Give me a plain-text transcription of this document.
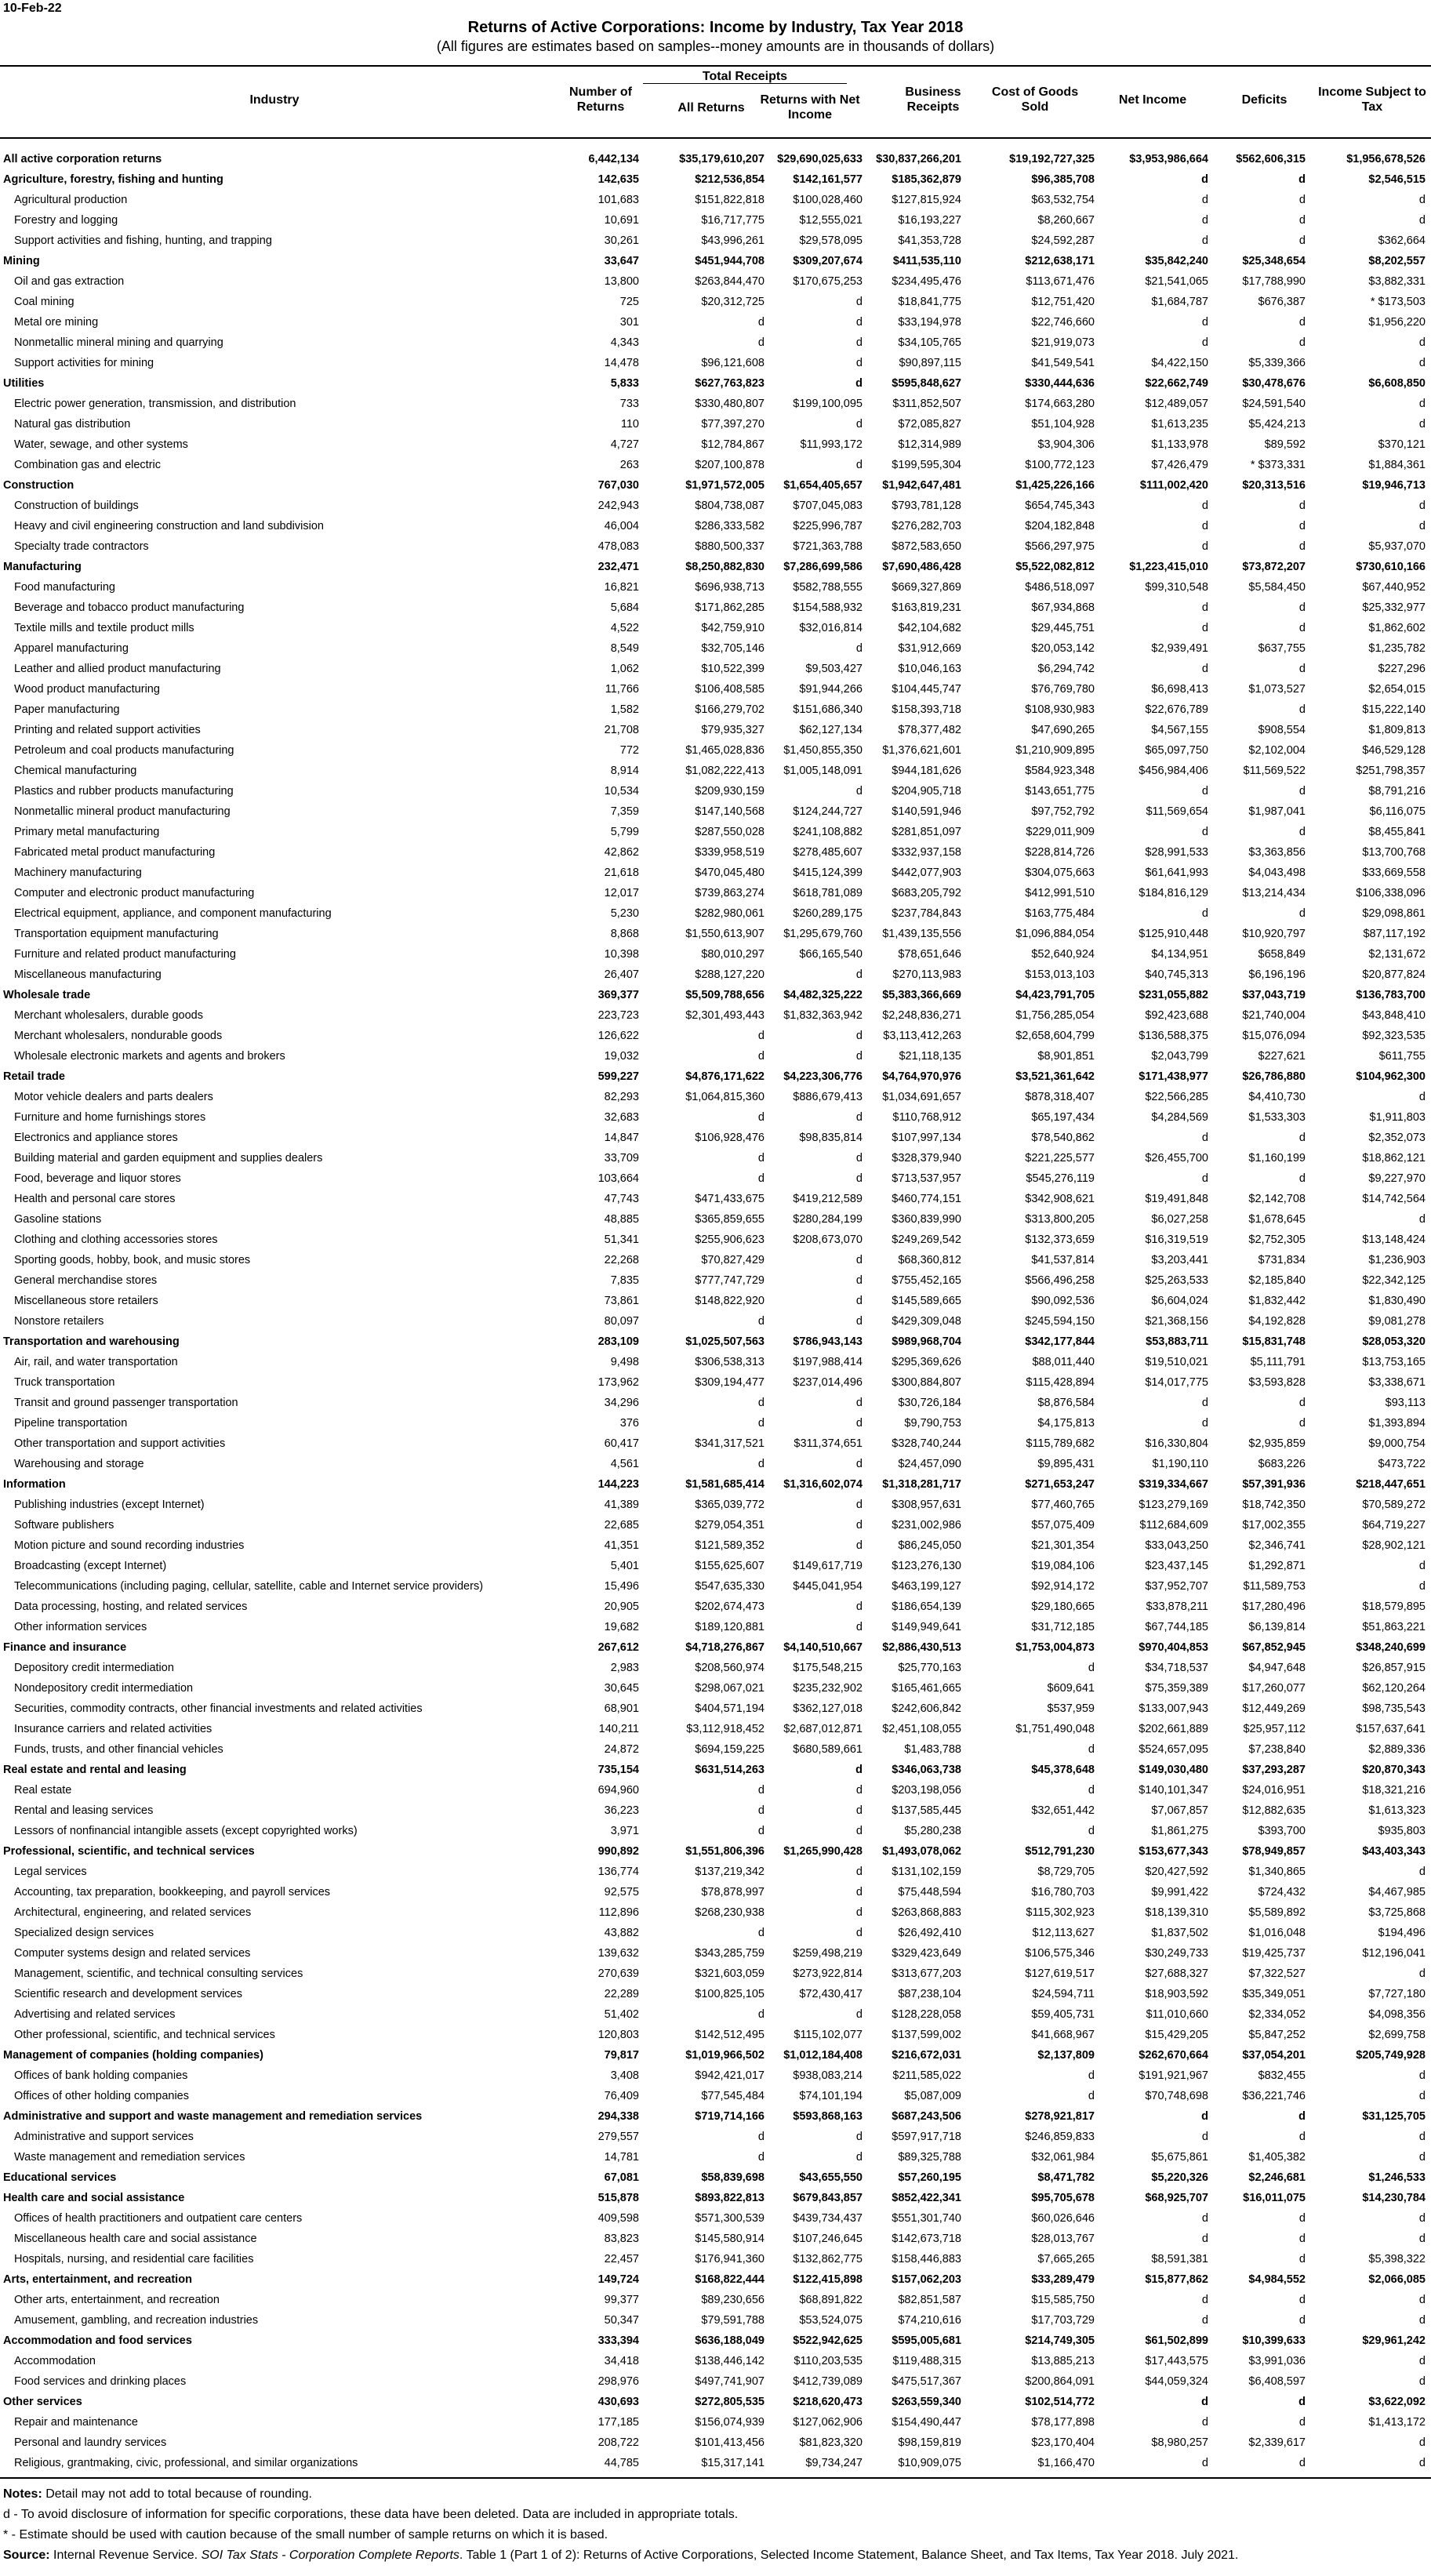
10-Feb-22
Returns of Active Corporations: Income by Industry, Tax Year 2018
(All figures are estimates based on samples--money amounts are in thousands of dollars)
Industry
Number of Returns
Total Receipts
All Returns
Returns with Net Income
Business Receipts
Cost of Goods Sold
Net Income	Deficits
Income Subject to Tax
All active corporation returns	6,442,134	$35,179,610,207 $29,690,025,633 $30,837,266,201	$19,192,727,325	$3,953,986,664 $562,606,315	$1,956,678,526
Agriculture, forestry, fishing and hunting	142,635	$212,536,854	$142,161,577	$185,362,879	$96,385,708	d	d	$2,546,515
Agricultural production	101,683	$151,822,818	$100,028,460	$127,815,924	$63,532,754	d	d	d
Forestry and logging	10,691	$16,717,775	$12,555,021	$16,193,227	$8,260,667	d	d	d
Support activities and fishing, hunting, and trapping	30,261	$43,996,261	$29,578,095	$41,353,728	$24,592,287	d	d	$362,664
Mining	33,647	$451,944,708	$309,207,674	$411,535,110	$212,638,171	$35,842,240	$25,348,654	$8,202,557
Oil and gas extraction	13,800	$263,844,470	$170,675,253	$234,495,476	$113,671,476	$21,541,065	$17,788,990	$3,882,331
Coal mining	725	$20,312,725	d	$18,841,775	$12,751,420	$1,684,787	$676,387	* $173,503
Metal ore mining	301	d	d	$33,194,978	$22,746,660	d	d	$1,956,220
Nonmetallic mineral mining and quarrying	4,343	d	d	$34,105,765	$21,919,073	d	d	d
Support activities for mining	14,478	$96,121,608	d	$90,897,115	$41,549,541	$4,422,150	$5,339,366	d
Utilities	5,833	$627,763,823	d	$595,848,627	$330,444,636	$22,662,749	$30,478,676	$6,608,850
Electric power generation, transmission, and distribution	733	$330,480,807	$199,100,095	$311,852,507	$174,663,280	$12,489,057	$24,591,540	d
Natural gas distribution	110	$77,397,270	d	$72,085,827	$51,104,928	$1,613,235	$5,424,213	d
Water, sewage, and other systems	4,727	$12,784,867	$11,993,172	$12,314,989	$3,904,306	$1,133,978	$89,592	$370,121
Combination gas and electric	263	$207,100,878	d	$199,595,304	$100,772,123	$7,426,479	* $373,331	$1,884,361
Construction	767,030	$1,971,572,005 $1,654,405,657 $1,942,647,481	$1,425,226,166	$111,002,420	$20,313,516	$19,946,713
Construction of buildings	242,943	$804,738,087	$707,045,083	$793,781,128	$654,745,343	d	d	d
Heavy and civil engineering construction and land subdivision	46,004	$286,333,582	$225,996,787	$276,282,703	$204,182,848	d	d	d
Specialty trade contractors	478,083	$880,500,337	$721,363,788	$872,583,650	$566,297,975	d	d	$5,937,070
Manufacturing	232,471	$8,250,882,830 $7,286,699,586 $7,690,486,428	$5,522,082,812	$1,223,415,010	$73,872,207	$730,610,166
Food manufacturing	16,821	$696,938,713	$582,788,555	$669,327,869	$486,518,097	$99,310,548	$5,584,450	$67,440,952
Beverage and tobacco product manufacturing	5,684	$171,862,285	$154,588,932	$163,819,231	$67,934,868	d	d	$25,332,977
Textile mills and textile product mills	4,522	$42,759,910	$32,016,814	$42,104,682	$29,445,751	d	d	$1,862,602
Apparel manufacturing	8,549	$32,705,146	d	$31,912,669	$20,053,142	$2,939,491	$637,755	$1,235,782
Leather and allied product manufacturing	1,062	$10,522,399	$9,503,427	$10,046,163	$6,294,742	d	d	$227,296
Wood product manufacturing	11,766	$106,408,585	$91,944,266	$104,445,747	$76,769,780	$6,698,413	$1,073,527	$2,654,015
Paper manufacturing	1,582	$166,279,702	$151,686,340	$158,393,718	$108,930,983	$22,676,789	d	$15,222,140
Printing and related support activities	21,708	$79,935,327	$62,127,134	$78,377,482	$47,690,265	$4,567,155	$908,554	$1,809,813
Petroleum and coal products manufacturing	772	$1,465,028,836 $1,450,855,350 $1,376,621,601	$1,210,909,895	$65,097,750	$2,102,004	$46,529,128
Chemical manufacturing	8,914	$1,082,222,413 $1,005,148,091	$944,181,626	$584,923,348	$456,984,406	$11,569,522	$251,798,357
Plastics and rubber products manufacturing	10,534	$209,930,159	d	$204,905,718	$143,651,775	d	d	$8,791,216
Nonmetallic mineral product manufacturing	7,359	$147,140,568	$124,244,727	$140,591,946	$97,752,792	$11,569,654	$1,987,041	$6,116,075
Primary metal manufacturing	5,799	$287,550,028	$241,108,882	$281,851,097	$229,011,909	d	d	$8,455,841
Fabricated metal product manufacturing	42,862	$339,958,519	$278,485,607	$332,937,158	$228,814,726	$28,991,533	$3,363,856	$13,700,768
Machinery manufacturing	21,618	$470,045,480	$415,124,399	$442,077,903	$304,075,663	$61,641,993	$4,043,498	$33,669,558
Computer and electronic product manufacturing	12,017	$739,863,274	$618,781,089	$683,205,792	$412,991,510	$184,816,129	$13,214,434	$106,338,096
Electrical equipment, appliance, and component manufacturing	5,230	$282,980,061	$260,289,175	$237,784,843	$163,775,484	d	d	$29,098,861
Transportation equipment manufacturing	8,868	$1,550,613,907 $1,295,679,760 $1,439,135,556	$1,096,884,054	$125,910,448	$10,920,797	$87,117,192
Furniture and related product manufacturing	10,398	$80,010,297	$66,165,540	$78,651,646	$52,640,924	$4,134,951	$658,849	$2,131,672
Miscellaneous manufacturing	26,407	$288,127,220	d	$270,113,983	$153,013,103	$40,745,313	$6,196,196	$20,877,824
Wholesale trade	369,377	$5,509,788,656 $4,482,325,222 $5,383,366,669	$4,423,791,705	$231,055,882	$37,043,719	$136,783,700
Merchant wholesalers, durable goods	223,723	$2,301,493,443 $1,832,363,942 $2,248,836,271	$1,756,285,054	$92,423,688	$21,740,004	$43,848,410
Merchant wholesalers, nondurable goods	126,622	d	d $3,113,412,263	$2,658,604,799	$136,588,375	$15,076,094	$92,323,535
Wholesale electronic markets and agents and brokers	19,032	d	d	$21,118,135	$8,901,851	$2,043,799	$227,621	$611,755
Retail trade	599,227	$4,876,171,622 $4,223,306,776 $4,764,970,976	$3,521,361,642	$171,438,977	$26,786,880	$104,962,300
Motor vehicle dealers and parts dealers	82,293	$1,064,815,360	$886,679,413 $1,034,691,657	$878,318,407	$22,566,285	$4,410,730	d
Furniture and home furnishings stores	32,683	d	d	$110,768,912	$65,197,434	$4,284,569	$1,533,303	$1,911,803
Electronics and appliance stores	14,847	$106,928,476	$98,835,814	$107,997,134	$78,540,862	d	d	$2,352,073
Building material and garden equipment and supplies dealers	33,709	d	d	$328,379,940	$221,225,577	$26,455,700	$1,160,199	$18,862,121
Food, beverage and liquor stores	103,664	d	d	$713,537,957	$545,276,119	d	d	$9,227,970
Health and personal care stores	47,743	$471,433,675	$419,212,589	$460,774,151	$342,908,621	$19,491,848	$2,142,708	$14,742,564
Gasoline stations	48,885	$365,859,655	$280,284,199	$360,839,990	$313,800,205	$6,027,258	$1,678,645	d
Clothing and clothing accessories stores	51,341	$255,906,623	$208,673,070	$249,269,542	$132,373,659	$16,319,519	$2,752,305	$13,148,424
Sporting goods, hobby, book, and music stores	22,268	$70,827,429	d	$68,360,812	$41,537,814	$3,203,441	$731,834	$1,236,903
General merchandise stores	7,835	$777,747,729	d	$755,452,165	$566,496,258	$25,263,533	$2,185,840	$22,342,125
Miscellaneous store retailers	73,861	$148,822,920	d	$145,589,665	$90,092,536	$6,604,024	$1,832,442	$1,830,490
Nonstore retailers	80,097	d	d	$429,309,048	$245,594,150	$21,368,156	$4,192,828	$9,081,278
Transportation and warehousing	283,109	$1,025,507,563	$786,943,143	$989,968,704	$342,177,844	$53,883,711	$15,831,748	$28,053,320
Air, rail, and water transportation	9,498	$306,538,313	$197,988,414	$295,369,626	$88,011,440	$19,510,021	$5,111,791	$13,753,165
Truck transportation	173,962	$309,194,477	$237,014,496	$300,884,807	$115,428,894	$14,017,775	$3,593,828	$3,338,671
Transit and ground passenger transportation	34,296	d	d	$30,726,184	$8,876,584	d	d	$93,113
Pipeline transportation	376	d	d	$9,790,753	$4,175,813	d	d	$1,393,894
Other transportation and support activities	60,417	$341,317,521	$311,374,651	$328,740,244	$115,789,682	$16,330,804	$2,935,859	$9,000,754
Warehousing and storage	4,561	d	d	$24,457,090	$9,895,431	$1,190,110	$683,226	$473,722
Information	144,223	$1,581,685,414 $1,316,602,074 $1,318,281,717	$271,653,247	$319,334,667	$57,391,936	$218,447,651
Publishing industries (except Internet)	41,389	$365,039,772	d	$308,957,631	$77,460,765	$123,279,169	$18,742,350	$70,589,272
Software publishers	22,685	$279,054,351	d	$231,002,986	$57,075,409	$112,684,609	$17,002,355	$64,719,227
Motion picture and sound recording industries	41,351	$121,589,352	d	$86,245,050	$21,301,354	$33,043,250	$2,346,741	$28,902,121
Broadcasting (except Internet)	5,401	$155,625,607	$149,617,719	$123,276,130	$19,084,106	$23,437,145	$1,292,871	d
Telecommunications (including paging, cellular, satellite, cable and Internet service providers)	15,496	$547,635,330	$445,041,954	$463,199,127	$92,914,172	$37,952,707	$11,589,753	d
Data processing, hosting, and related services	20,905	$202,674,473	d	$186,654,139	$29,180,665	$33,878,211	$17,280,496	$18,579,895
Other information services	19,682	$189,120,881	d	$149,949,641	$31,712,185	$67,744,185	$6,139,814	$51,863,221
Finance and insurance	267,612	$4,718,276,867 $4,140,510,667 $2,886,430,513	$1,753,004,873	$970,404,853	$67,852,945	$348,240,699
Depository credit intermediation	2,983	$208,560,974	$175,548,215	$25,770,163	d	$34,718,537	$4,947,648	$26,857,915
Nondepository credit intermediation	30,645	$298,067,021	$235,232,902	$165,461,665	$609,641	$75,359,389	$17,260,077	$62,120,264
Securities, commodity contracts, other financial investments and related activities	68,901	$404,571,194	$362,127,018	$242,606,842	$537,959	$133,007,943	$12,449,269	$98,735,543
Insurance carriers and related activities	140,211	$3,112,918,452 $2,687,012,871 $2,451,108,055	$1,751,490,048	$202,661,889	$25,957,112	$157,637,641
Funds, trusts, and other financial vehicles	24,872	$694,159,225	$680,589,661	$1,483,788	d	$524,657,095	$7,238,840	$2,889,336
Real estate and rental and leasing	735,154	$631,514,263	d	$346,063,738	$45,378,648	$149,030,480	$37,293,287	$20,870,343
Real estate	694,960	d	d	$203,198,056	d	$140,101,347	$24,016,951	$18,321,216
Rental and leasing services	36,223	d	d	$137,585,445	$32,651,442	$7,067,857	$12,882,635	$1,613,323
Lessors of nonfinancial intangible assets (except copyrighted works)	3,971	d	d	$5,280,238	d	$1,861,275	$393,700	$935,803
Professional, scientific, and technical services	990,892	$1,551,806,396 $1,265,990,428 $1,493,078,062	$512,791,230	$153,677,343	$78,949,857	$43,403,343
Legal services	136,774	$137,219,342	d	$131,102,159	$8,729,705	$20,427,592	$1,340,865	d
Accounting, tax preparation, bookkeeping, and payroll services	92,575	$78,878,997	d	$75,448,594	$16,780,703	$9,991,422	$724,432	$4,467,985
Architectural, engineering, and related services	112,896	$268,230,938	d	$263,868,883	$115,302,923	$18,139,310	$5,589,892	$3,725,868
Specialized design services	43,882	d	d	$26,492,410	$12,113,627	$1,837,502	$1,016,048	$194,496
Computer systems design and related services	139,632	$343,285,759	$259,498,219	$329,423,649	$106,575,346	$30,249,733	$19,425,737	$12,196,041
Management, scientific, and technical consulting services	270,639	$321,603,059	$273,922,814	$313,677,203	$127,619,517	$27,688,327	$7,322,527	d
Scientific research and development services	22,289	$100,825,105	$72,430,417	$87,238,104	$24,594,711	$18,903,592	$35,349,051	$7,727,180
Advertising and related services	51,402	d	d	$128,228,058	$59,405,731	$11,010,660	$2,334,052	$4,098,356
Other professional, scientific, and technical services	120,803	$142,512,495	$115,102,077	$137,599,002	$41,668,967	$15,429,205	$5,847,252	$2,699,758
Management of companies (holding companies)	79,817	$1,019,966,502 $1,012,184,408	$216,672,031	$2,137,809	$262,670,664	$37,054,201	$205,749,928
Offices of bank holding companies	3,408	$942,421,017	$938,083,214	$211,585,022	d	$191,921,967	$832,455	d
Offices of other holding companies	76,409	$77,545,484	$74,101,194	$5,087,009	d	$70,748,698	$36,221,746	d
Administrative and support and waste management and remediation services	294,338	$719,714,166	$593,868,163	$687,243,506	$278,921,817	d	d	$31,125,705
Administrative and support services	279,557	d	d	$597,917,718	$246,859,833	d	d	d
Waste management and remediation services	14,781	d	d	$89,325,788	$32,061,984	$5,675,861	$1,405,382	d
Educational services	67,081	$58,839,698	$43,655,550	$57,260,195	$8,471,782	$5,220,326	$2,246,681	$1,246,533
Health care and social assistance	515,878	$893,822,813	$679,843,857	$852,422,341	$95,705,678	$68,925,707	$16,011,075	$14,230,784
Offices of health practitioners and outpatient care centers	409,598	$571,300,539	$439,734,437	$551,301,740	$60,026,646	d	d	d
Miscellaneous health care and social assistance	83,823	$145,580,914	$107,246,645	$142,673,718	$28,013,767	d	d	d
Hospitals, nursing, and residential care facilities	22,457	$176,941,360	$132,862,775	$158,446,883	$7,665,265	$8,591,381	d	$5,398,322
Arts, entertainment, and recreation	149,724	$168,822,444	$122,415,898	$157,062,203	$33,289,479	$15,877,862	$4,984,552	$2,066,085
Other arts, entertainment, and recreation	99,377	$89,230,656	$68,891,822	$82,851,587	$15,585,750	d	d	d
Amusement, gambling, and recreation industries	50,347	$79,591,788	$53,524,075	$74,210,616	$17,703,729	d	d	d
Accommodation and food services	333,394	$636,188,049	$522,942,625	$595,005,681	$214,749,305	$61,502,899	$10,399,633	$29,961,242
Accommodation	34,418	$138,446,142	$110,203,535	$119,488,315	$13,885,213	$17,443,575	$3,991,036	d
Food services and drinking places	298,976	$497,741,907	$412,739,089	$475,517,367	$200,864,091	$44,059,324	$6,408,597	d
Other services	430,693	$272,805,535	$218,620,473	$263,559,340	$102,514,772	d	d	$3,622,092
Repair and maintenance	177,185	$156,074,939	$127,062,906	$154,490,447	$78,177,898	d	d	$1,413,172
Personal and laundry services	208,722	$101,413,456	$81,823,320	$98,159,819	$23,170,404	$8,980,257	$2,339,617	d
Religious, grantmaking, civic, professional, and similar organizations	44,785	$15,317,141	$9,734,247	$10,909,075	$1,166,470	d	d	d
Notes: Detail may not add to total because of rounding.
d - To avoid disclosure of information for specific corporations, these data have been deleted. Data are included in appropriate totals.
* - Estimate should be used with caution because of the small number of sample returns on which it is based.
Source: Internal Revenue Service. SOI Tax Stats - Corporation Complete Reports. Table 1 (Part 1 of 2): Returns of Active Corporations, Selected Income Statement, Balance Sheet, and Tax Items, Tax Year 2018. July 2021.
